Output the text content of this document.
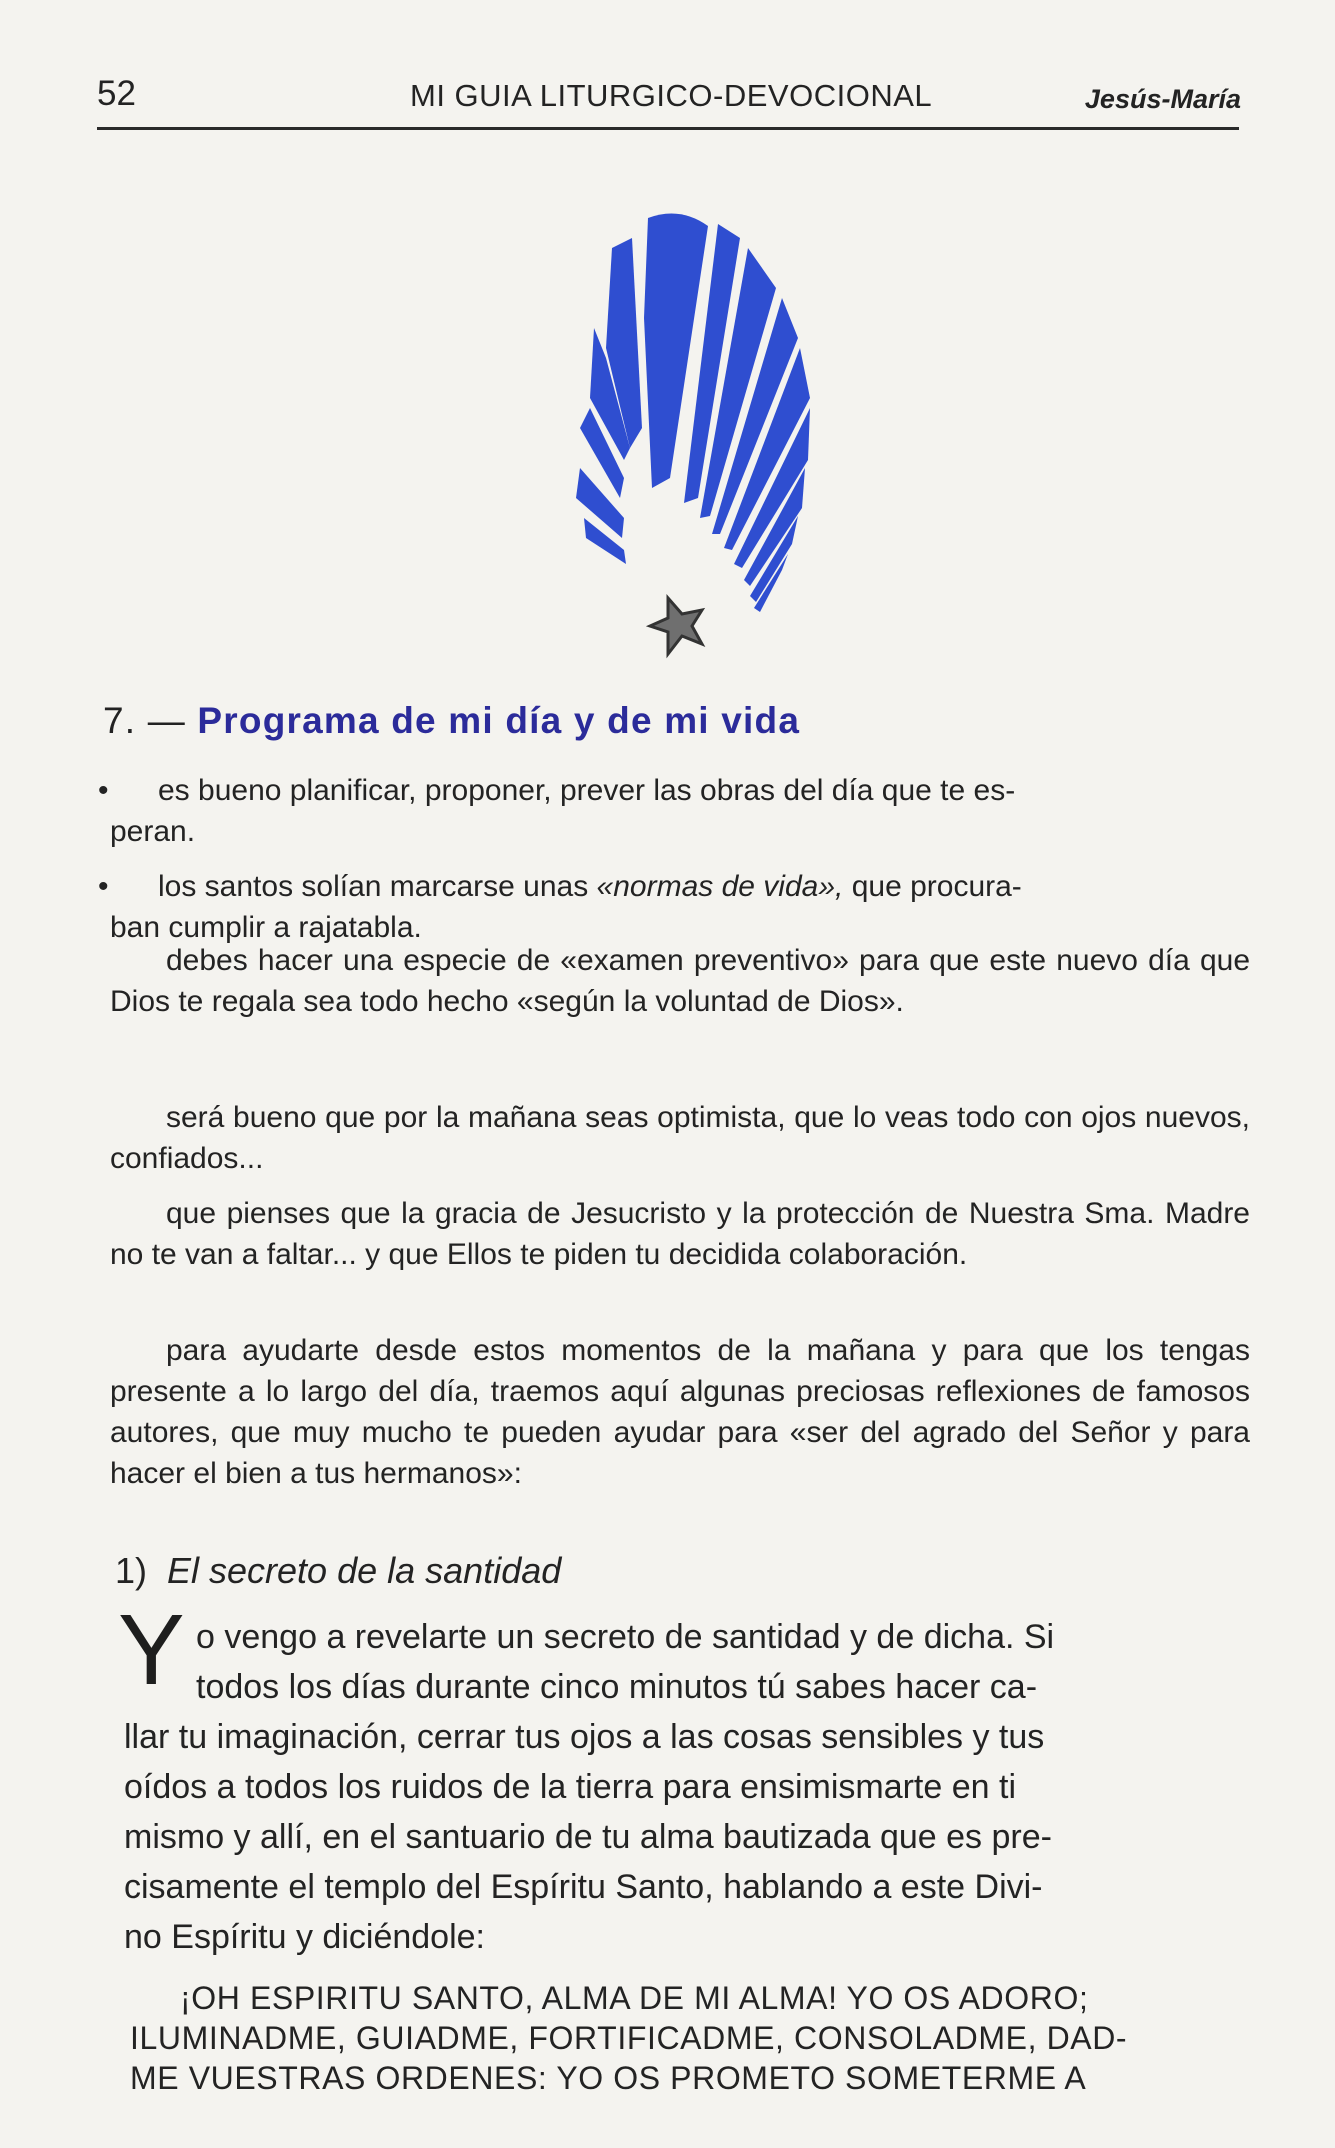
52	MI GUIA LITURGICO-DEVOCIONAL	Jesús-María
7. — Programa de mi día y de mi vida
• es bueno planificar, proponer, prever las obras del día que te es-
peran.
• los santos solían marcarse unas «normas de vida», que procura-
ban cumplir a rajatabla.

debes hacer una especie de «examen preventivo» para que este nuevo día que Dios te regala sea todo hecho «según la voluntad de Dios».

será bueno que por la mañana seas optimista, que lo veas todo con ojos nuevos, confiados...

que pienses que la gracia de Jesucristo y la protección de Nuestra Sma. Madre no te van a faltar... y que Ellos te piden tu decidida colaboración.

para ayudarte desde estos momentos de la mañana y para que los tengas presente a lo largo del día, traemos aquí algunas preciosas reflexiones de famosos autores, que muy mucho te pueden ayudar para «ser del agrado del Señor y para hacer el bien a tus hermanos»:

1) El secreto de la santidad
Y o vengo a revelarte un secreto de santidad y de dicha. Si
todos los días durante cinco minutos tú sabes hacer ca-
llar tu imaginación, cerrar tus ojos a las cosas sensibles y tus
oídos a todos los ruidos de la tierra para ensimismarte en ti
mismo y allí, en el santuario de tu alma bautizada que es pre-
cisamente el templo del Espíritu Santo, hablando a este Divi-
no Espíritu y diciéndole:
¡OH ESPIRITU SANTO, ALMA DE MI ALMA! YO OS ADORO;
ILUMINADME, GUIADME, FORTIFICADME, CONSOLADME, DAD-
ME VUESTRAS ORDENES: YO OS PROMETO SOMETERME A
